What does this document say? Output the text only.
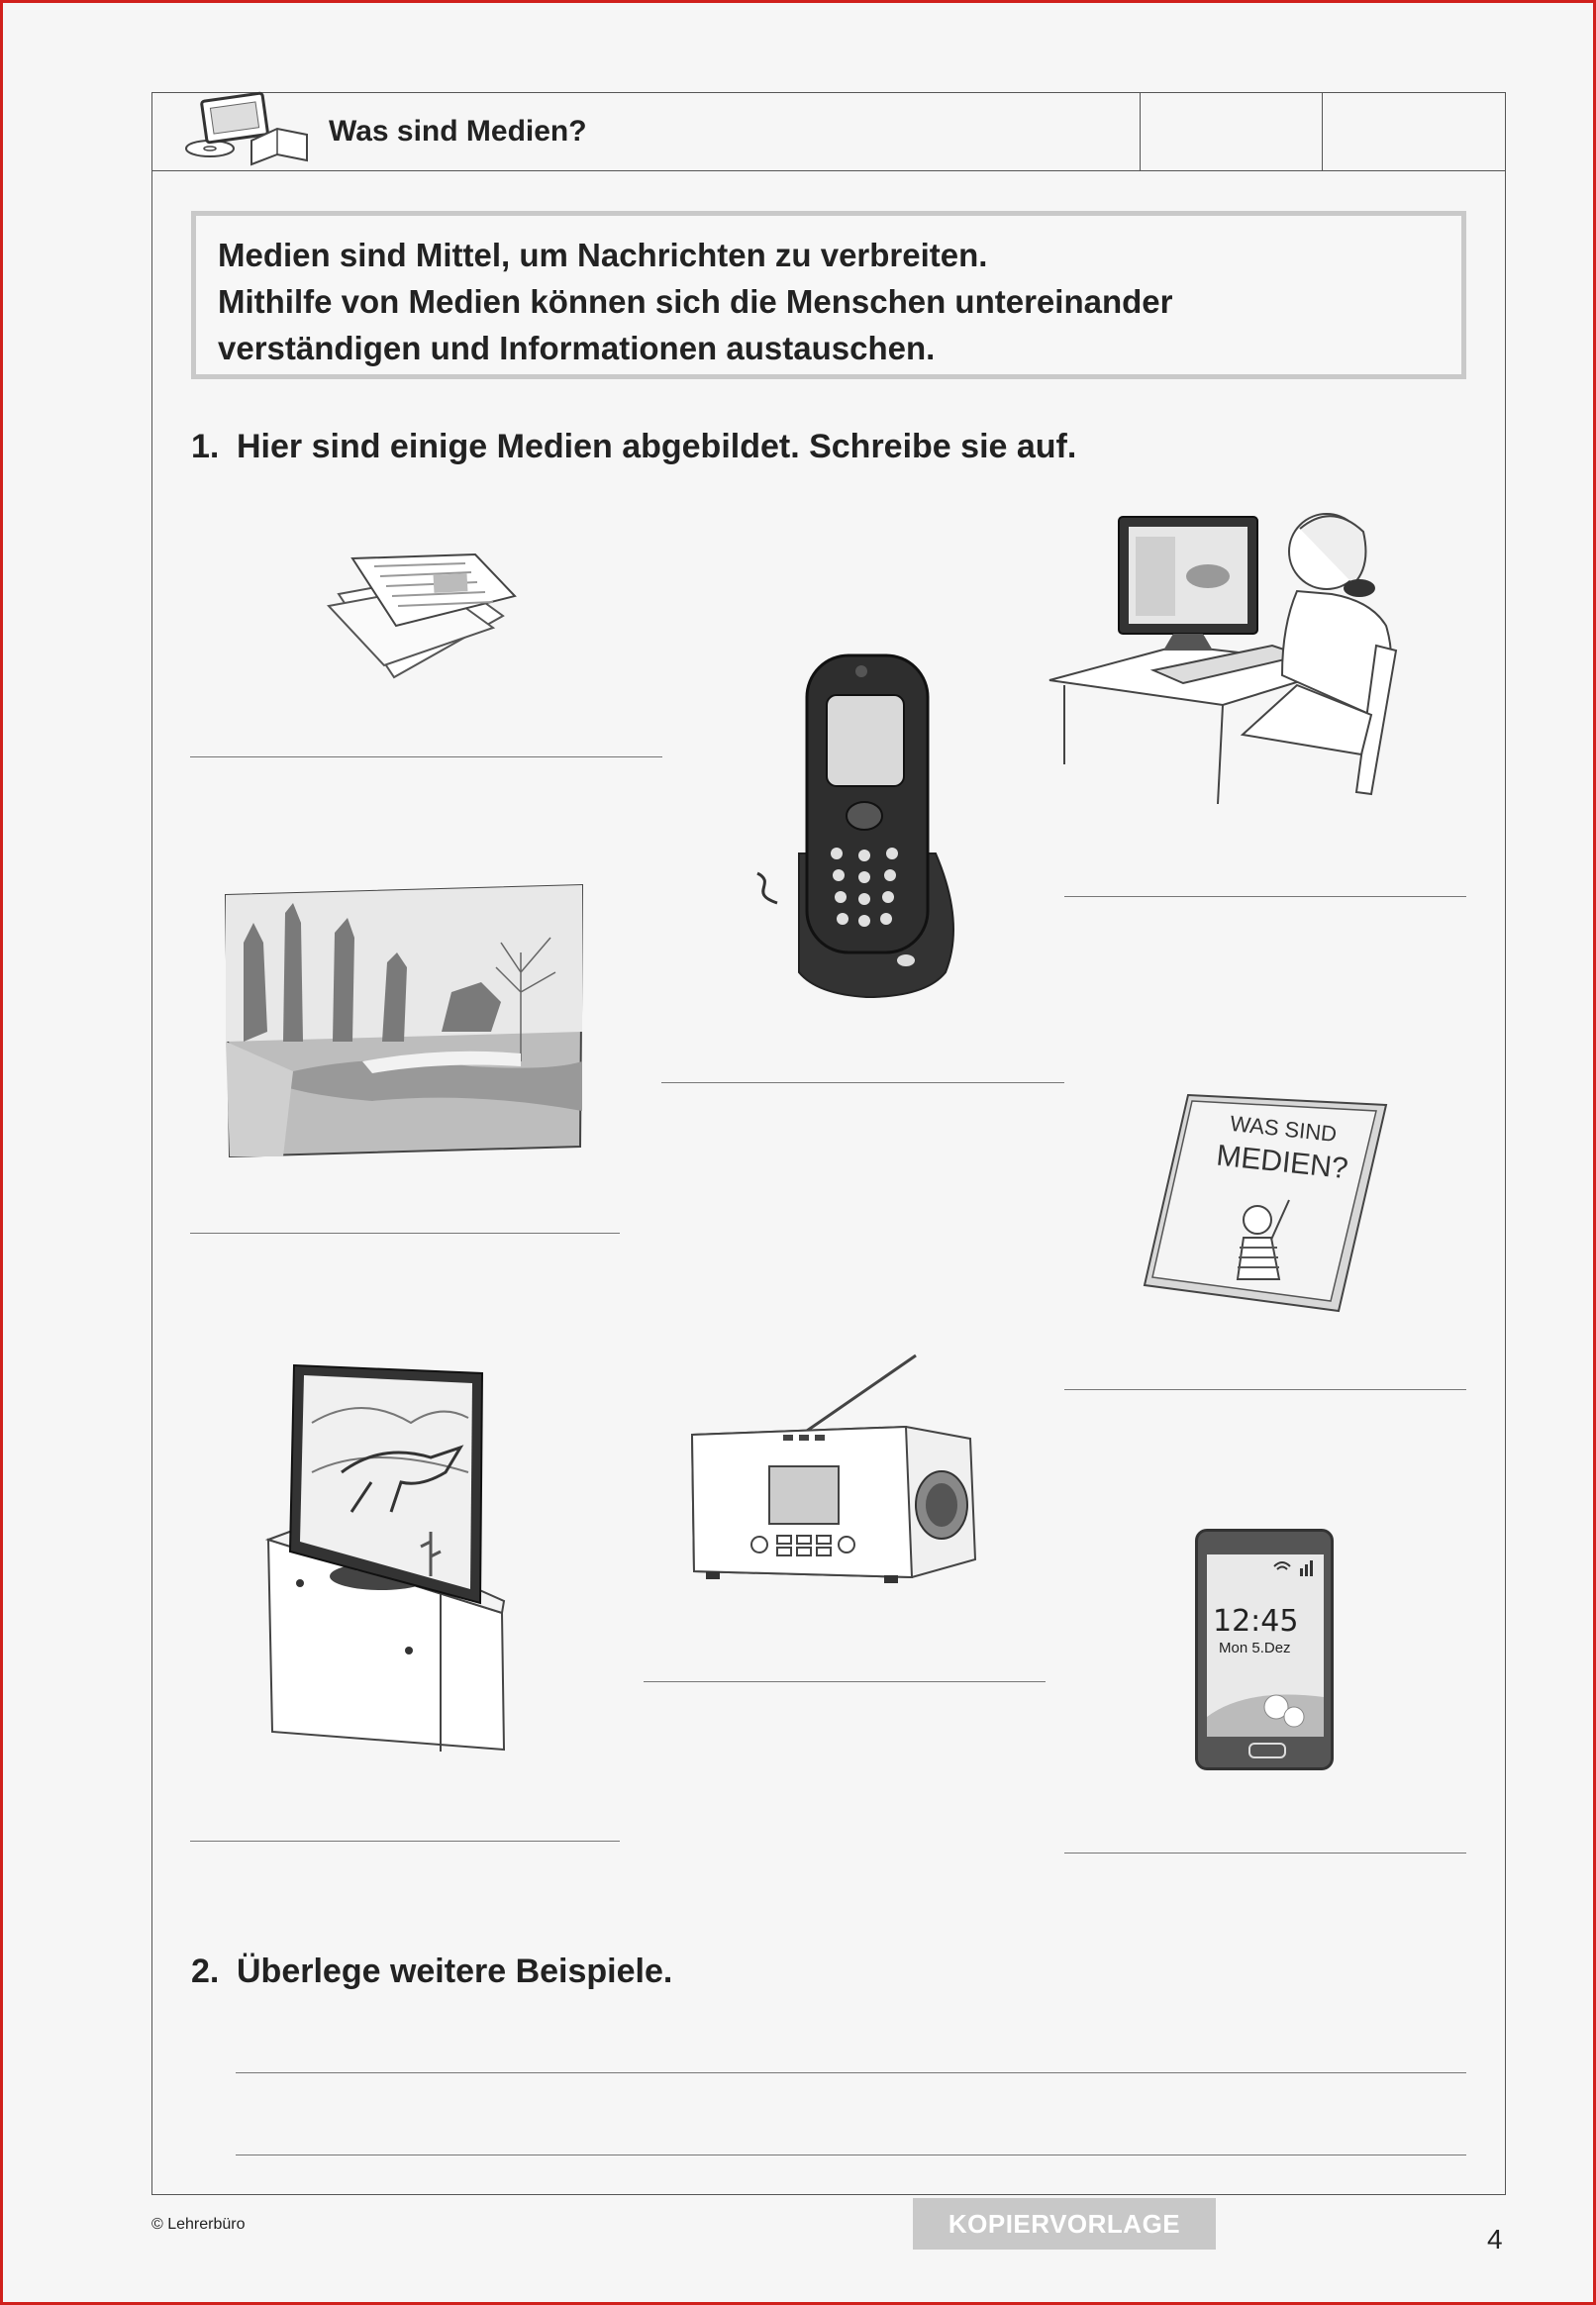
Was sind Medien?
Medien sind Mittel, um Nachrichten zu verbreiten.
Mithilfe von Medien können sich die Menschen untereinander
verständigen und Informationen austauschen.
1. Hier sind einige Medien abgebildet. Schreibe sie auf.
WAS SIND
MEDIEN?
12:45
Mon 5.Dez
2. Überlege weitere Beispiele.
© Lehrerbüro	KOPIERVORLAGE	4
